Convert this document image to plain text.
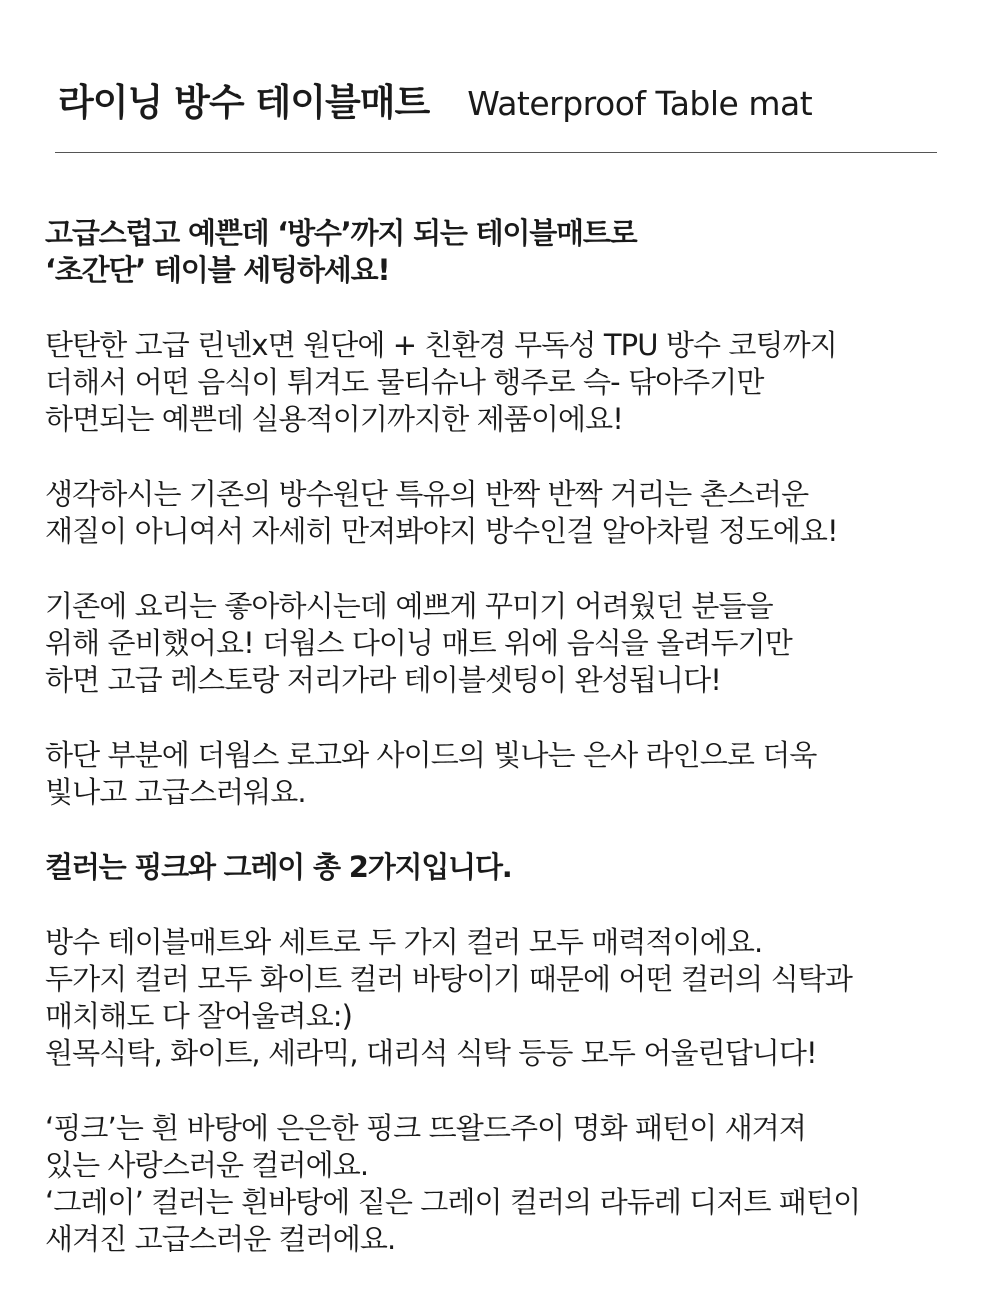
라이닝 방수 테이블매트 Waterproof Table mat
고급스럽고 예쁜데 ‘방수’까지 되는 테이블매트로
‘초간단’ 테이블 세팅하세요!
탄탄한 고급 린넨x면 원단에 + 친환경 무독성 TPU 방수 코팅까지
더해서 어떤 음식이 튀겨도 물티슈나 행주로 슥- 닦아주기만
하면되는 예쁜데 실용적이기까지한 제품이에요!
생각하시는 기존의 방수원단 특유의 반짝 반짝 거리는 촌스러운
재질이 아니여서 자세히 만져봐야지 방수인걸 알아차릴 정도에요!
기존에 요리는 좋아하시는데 예쁘게 꾸미기 어려웠던 분들을
위해 준비했어요! 더웜스 다이닝 매트 위에 음식을 올려두기만
하면 고급 레스토랑 저리가라 테이블셋팅이 완성됩니다!
하단 부분에 더웜스 로고와 사이드의 빛나는 은사 라인으로 더욱
빛나고 고급스러워요.
컬러는 핑크와 그레이 총 2가지입니다.
방수 테이블매트와 세트로 두 가지 컬러 모두 매력적이에요.
두가지 컬러 모두 화이트 컬러 바탕이기 때문에 어떤 컬러의 식탁과
매치해도 다 잘어울려요:)
원목식탁, 화이트, 세라믹, 대리석 식탁 등등 모두 어울린답니다!
‘핑크’는 흰 바탕에 은은한 핑크 뜨왈드주이 명화 패턴이 새겨져
있는 사랑스러운 컬러에요.
‘그레이’ 컬러는 흰바탕에 짙은 그레이 컬러의 라듀레 디저트 패턴이
새겨진 고급스러운 컬러에요.
